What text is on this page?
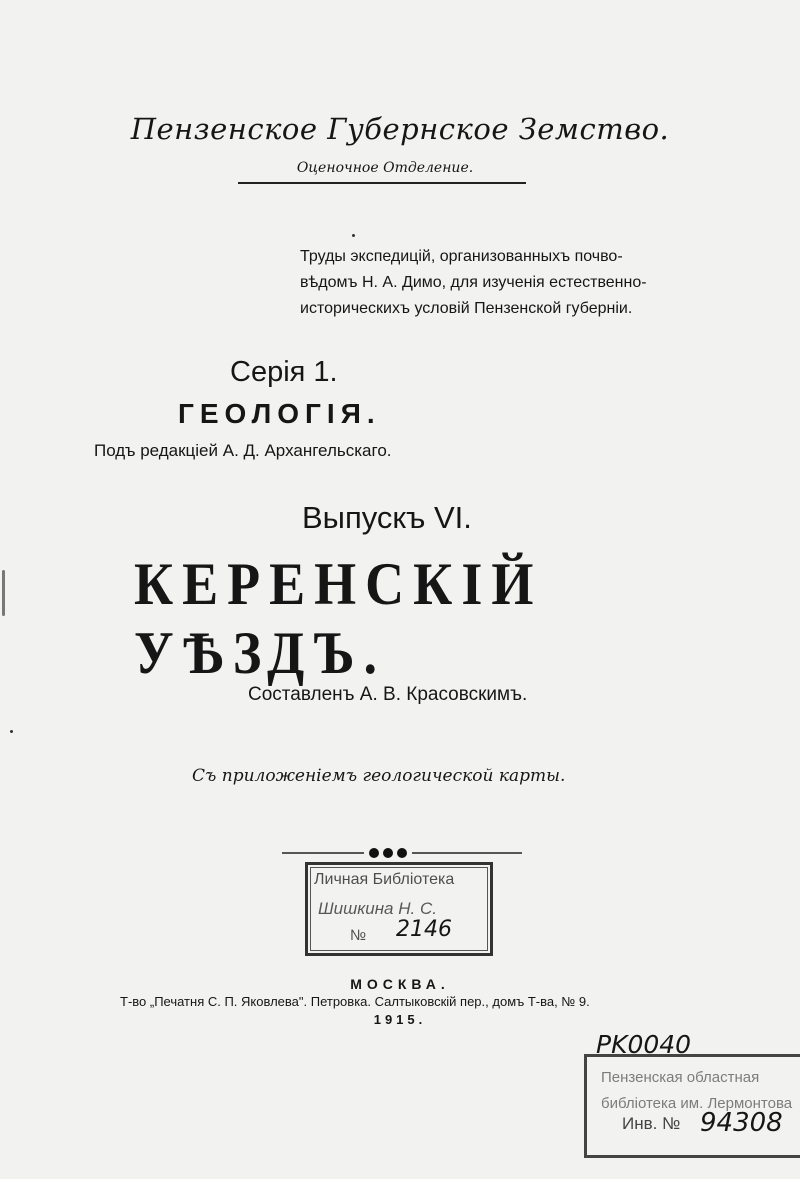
Пензенское Губернское Земство.
Оценочное Отделение.
Труды экспедицій, организованныхъ почво-
вѣдомъ Н. А. Димо, для изученія естественно-
историческихъ условій Пензенской губерніи.
Серія 1.
ГЕОЛОГІЯ.
Подъ редакціей А. Д. Архангельскаго.
Выпускъ VI.
КЕРЕНСКІЙ УѢЗДЪ.
Составленъ А. В. Красовскимъ.
Съ приложеніемъ геологической карты.
Личная Библіотека
Шишкина Н. С.
№ 2146
МОСКВА.
Т-во „Печатня С. П. Яковлева". Петровка. Салтыковскій пер., домъ Т-ва, № 9.
1915.
PK0040
Пензенская областная
библіотека им. Лермонтова
Инв. № 94308
